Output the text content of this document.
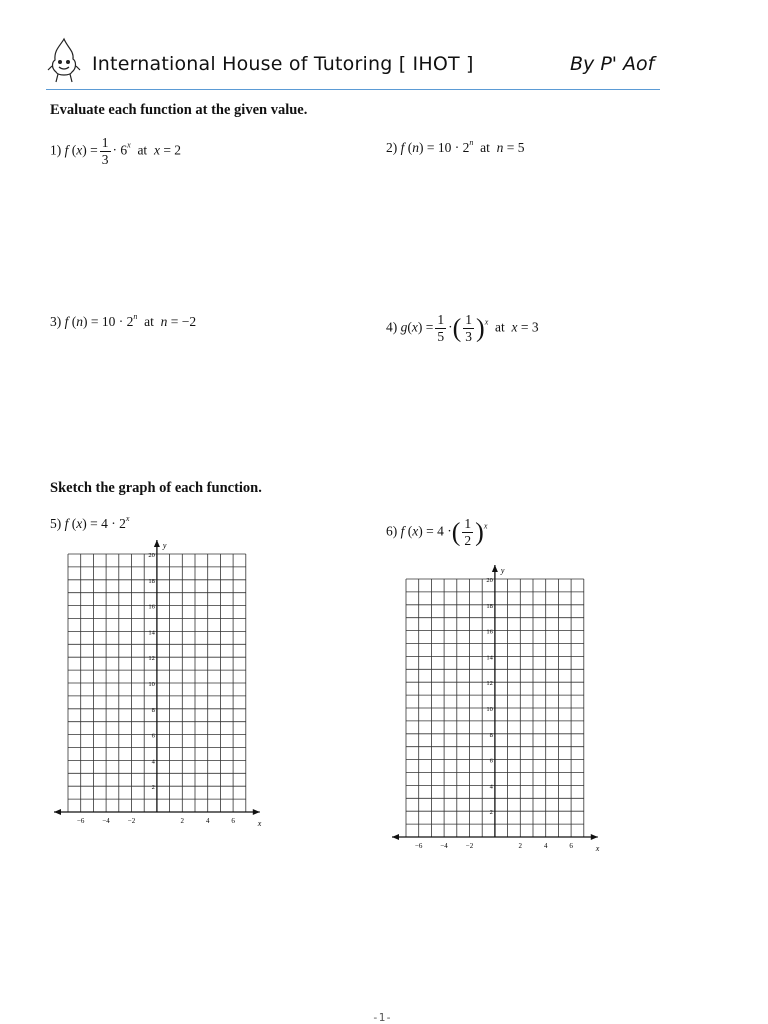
International House of Tutoring [ IHOT ]	By P' Aof
Evaluate each function at the given value.
1) f $(x) = \frac{1}{3} \cdot 6^x$  at  x = 2	2) f $(n) = 10 \cdot 2^n$  at  n = 5
3) f $(n) = 10 \cdot 2^n$  at  n = −2	4) $g(x) = \frac{1}{5}$ ·( $\frac{1}{3} )^x$  at  x = 3
Sketch the graph of each function.
5) f $(x) = 4 \cdot 2^x$
6) f (x) = 4 ·( $\frac{1}{2} )^x$
x
y
−6	−4	−2	2	4	6
20
18
16
14
12
10
8
6
4
2
x
y
−6	−4	−2	2	4	6
20
18
16
14
12
10
8
6
4
2
-1-
